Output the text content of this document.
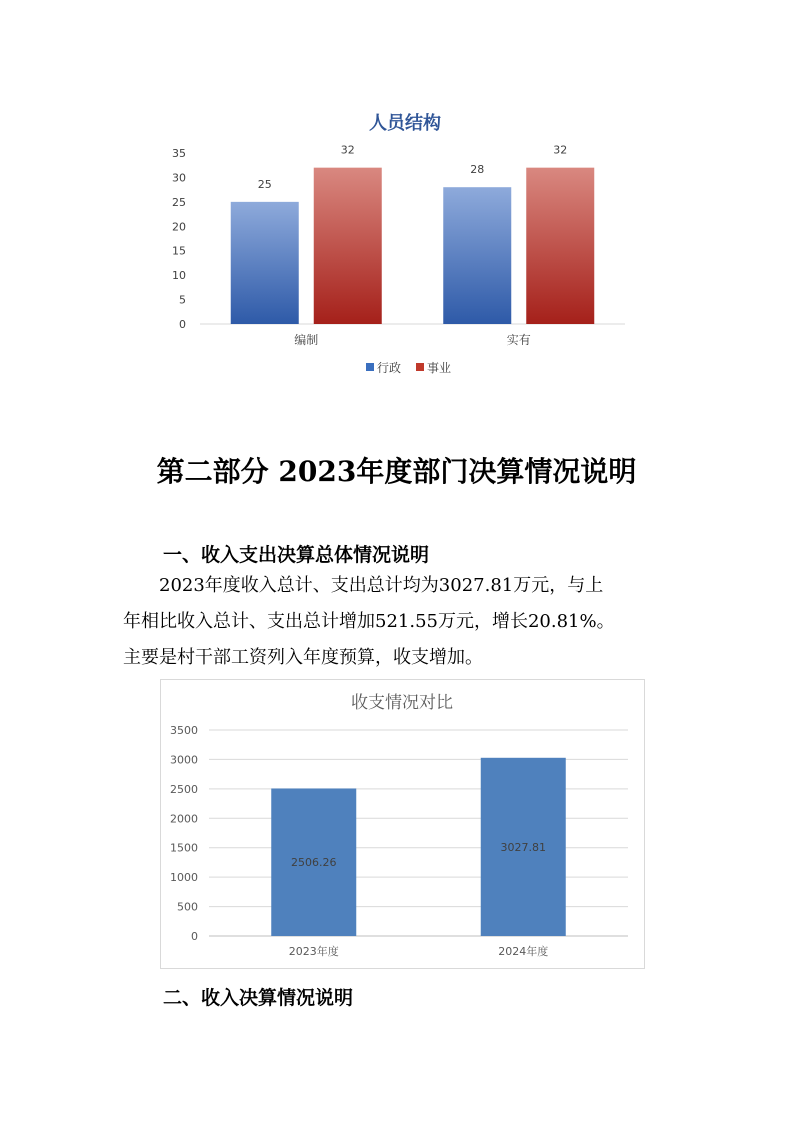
人员结构
0
5
10
15
20
25
30
35
编制
25
32
实有
28
32
行政 事业
第二部分 2023年度部门决算情况说明
一、收入支出决算总体情况说明
2023年度收入总计、支出总计均为3027.81万元，与上
年相比收入总计、支出总计增加521.55万元，增长20.81%。
主要是村干部工资列入年度预算，收支增加。
收支情况对比
0
500
1000
1500
2000
2500
3000
3500
2506.26
2023年度
3027.81
2024年度
二、收入决算情况说明
